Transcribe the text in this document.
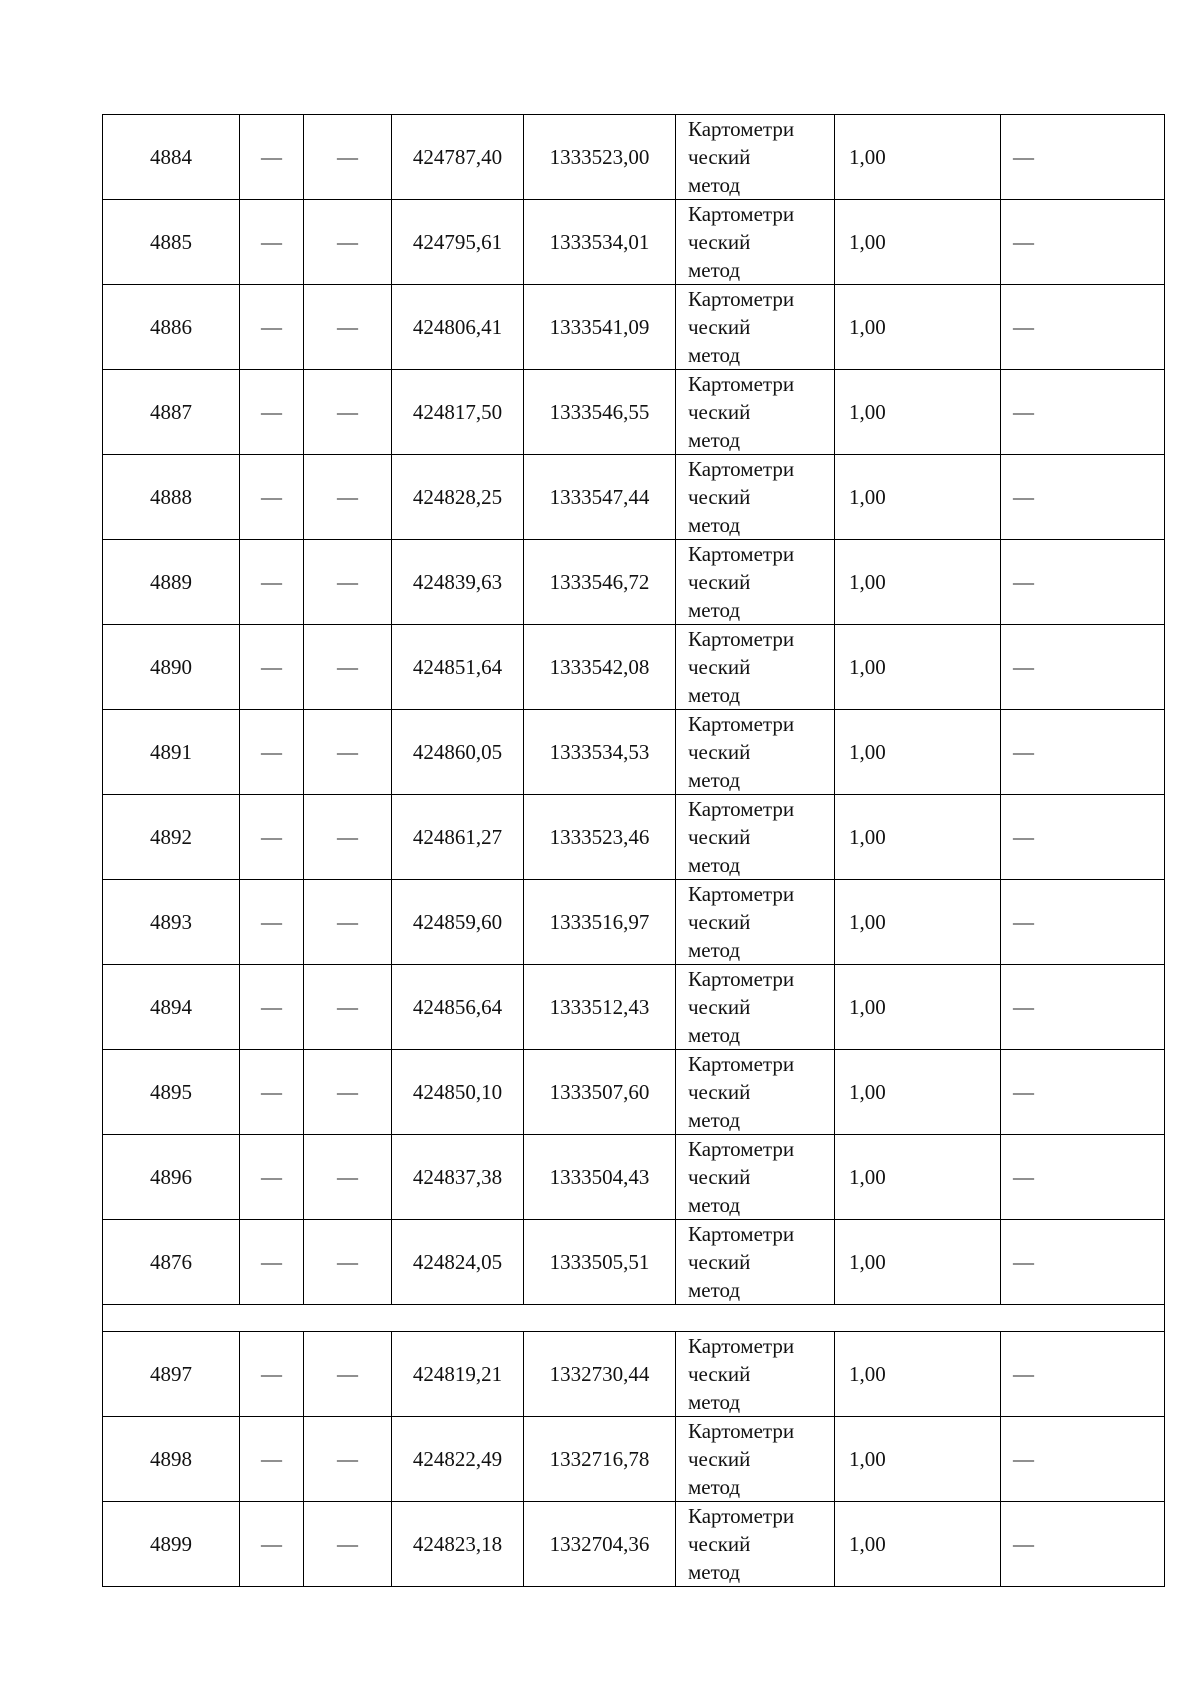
4884	—	—	424787,40	1333523,00	Картометри
ческий
метод	1,00	—
4885	—	—	424795,61	1333534,01	Картометри
ческий
метод	1,00	—
4886	—	—	424806,41	1333541,09	Картометри
ческий
метод	1,00	—
4887	—	—	424817,50	1333546,55	Картометри
ческий
метод	1,00	—
4888	—	—	424828,25	1333547,44	Картометри
ческий
метод	1,00	—
4889	—	—	424839,63	1333546,72	Картометри
ческий
метод	1,00	—
4890	—	—	424851,64	1333542,08	Картометри
ческий
метод	1,00	—
4891	—	—	424860,05	1333534,53	Картометри
ческий
метод	1,00	—
4892	—	—	424861,27	1333523,46	Картометри
ческий
метод	1,00	—
4893	—	—	424859,60	1333516,97	Картометри
ческий
метод	1,00	—
4894	—	—	424856,64	1333512,43	Картометри
ческий
метод	1,00	—
4895	—	—	424850,10	1333507,60	Картометри
ческий
метод	1,00	—
4896	—	—	424837,38	1333504,43	Картометри
ческий
метод	1,00	—
4876	—	—	424824,05	1333505,51	Картометри
ческий
метод	1,00	—

4897	—	—	424819,21	1332730,44	Картометри
ческий
метод	1,00	—
4898	—	—	424822,49	1332716,78	Картометри
ческий
метод	1,00	—
4899	—	—	424823,18	1332704,36	Картометри
ческий
метод	1,00	—
